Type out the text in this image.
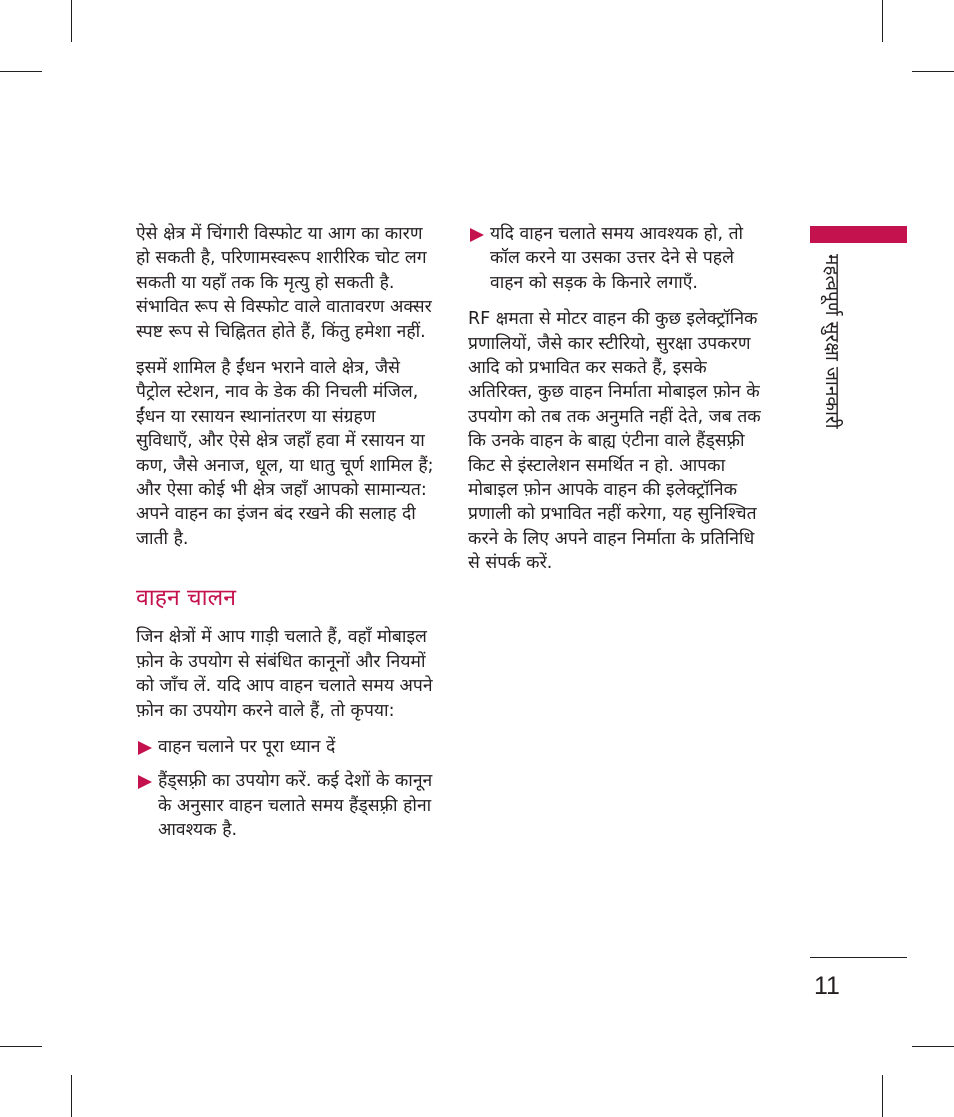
ऐसे क्षेत्र में चिंगारी विस्फोट या आग का कारण हो सकती है, परिणामस्वरूप शारीरिक चोट लग सकती या यहाँ तक कि मृत्यु हो सकती है. संभावित रूप से विस्फोट वाले वातावरण अक्सर स्पष्ट रूप से चिह्नितत होते हैं, किंतु हमेशा नहीं.

इसमें शामिल है ईंधन भराने वाले क्षेत्र, जैसे पैट्रोल स्टेशन, नाव के डेक की निचली मंजिल, ईंधन या रसायन स्थानांतरण या संग्रहण सुविधाएँ, और ऐसे क्षेत्र जहाँ हवा में रसायन या कण, जैसे अनाज, धूल, या धातु चूर्ण शामिल हैं; और ऐसा कोई भी क्षेत्र जहाँ आपको सामान्यत: अपने वाहन का इंजन बंद रखने की सलाह दी जाती है.

वाहन चालन

जिन क्षेत्रों में आप गाड़ी चलाते हैं, वहाँ मोबाइल फ़ोन के उपयोग से संबंधित कानूनों और नियमों को जाँच लें. यदि आप वाहन चलाते समय अपने फ़ोन का उपयोग करने वाले हैं, तो कृपया:

वाहन चलाने पर पूरा ध्यान दें
हैंड्सफ़्री का उपयोग करें. कई देशों के कानून के अनुसार वाहन चलाते समय हैंड्सफ़्री होना आवश्यक है.
यदि वाहन चलाते समय आवश्यक हो, तो कॉल करने या उसका उत्तर देने से पहले वाहन को सड़क के किनारे लगाएँ.

RF क्षमता से मोटर वाहन की कुछ इलेक्ट्रॉनिक प्रणालियों, जैसे कार स्टीरियो, सुरक्षा उपकरण आदि को प्रभावित कर सकते हैं, इसके अतिरिक्त, कुछ वाहन निर्माता मोबाइल फ़ोन के उपयोग को तब तक अनुमति नहीं देते, जब तक कि उनके वाहन के बाह्य एंटीना वाले हैंड्सफ़्री किट से इंस्टालेशन समर्थित न हो. आपका मोबाइल फ़ोन आपके वाहन की इलेक्ट्रॉनिक प्रणाली को प्रभावित नहीं करेगा, यह सुनिश्चित करने के लिए अपने वाहन निर्माता के प्रतिनिधि से संपर्क करें.

महत्वपूर्ण सुरक्षा जानकारी
11
